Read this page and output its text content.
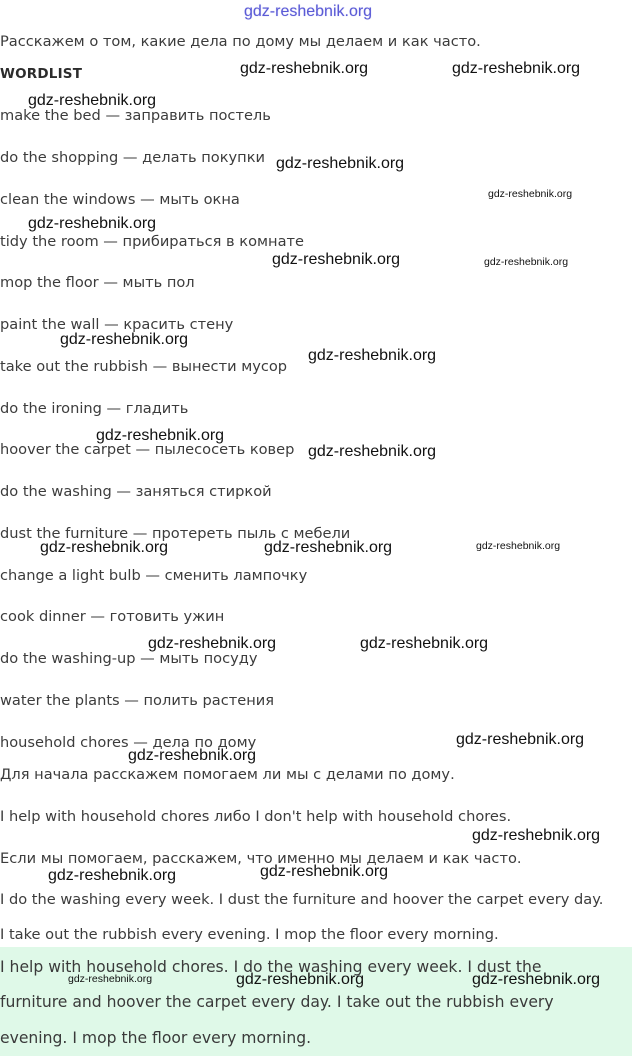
gdz-reshebnik.org
Расскажем о том, какие дела по дому мы делаем и как часто.
WORDLIST
make the bed — заправить постель
do the shopping — делать покупки
clean the windows — мыть окна
tidy the room — прибираться в комнате
mop the floor — мыть пол
paint the wall — красить стену
take out the rubbish — вынести мусор
do the ironing — гладить
hoover the carpet — пылесосеть ковер
do the washing — заняться стиркой
dust the furniture — протереть пыль с мебели
change a light bulb — сменить лампочку
cook dinner — готовить ужин
do the washing-up — мыть посуду
water the plants — полить растения
household chores — дела по дому
Для начала расскажем помогаем ли мы с делами по дому.
I help with household chores либо I don't help with household chores.
Если мы помогаем, расскажем, что именно мы делаем и как часто.
I do the washing every week. I dust the furniture and hoover the carpet every day.
I take out the rubbish every evening. I mop the floor every morning.
I help with household chores. I do the washing every week. I dust the
furniture and hoover the carpet every day. I take out the rubbish every
evening. I mop the floor every morning.
gdz-reshebnik.org	gdz-reshebnik.org
gdz-reshebnik.org
gdz-reshebnik.org
gdz-reshebnik.org
gdz-reshebnik.org
gdz-reshebnik.org	gdz-reshebnik.org
gdz-reshebnik.org
gdz-reshebnik.org
gdz-reshebnik.org
gdz-reshebnik.org
gdz-reshebnik.org	gdz-reshebnik.org	gdz-reshebnik.org
gdz-reshebnik.org	gdz-reshebnik.org
gdz-reshebnik.org
gdz-reshebnik.org
gdz-reshebnik.org
gdz-reshebnik.org
gdz-reshebnik.org
gdz-reshebnik.org	gdz-reshebnik.org	gdz-reshebnik.org
